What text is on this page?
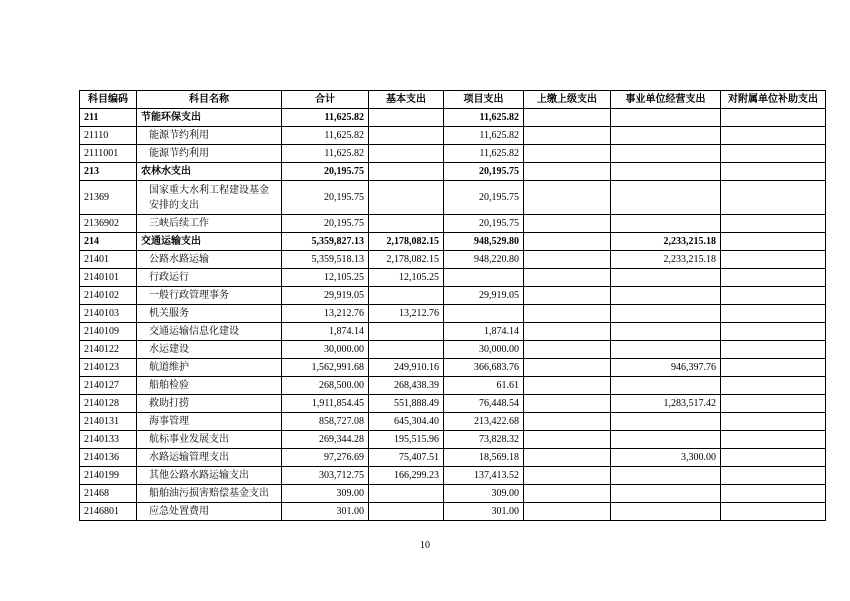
科目编码	科目名称	合计	基本支出	项目支出	上缴上级支出	事业单位经营支出	对附属单位补助支出
211	节能环保支出	11,625.82		11,625.82			
21110	能源节约利用	11,625.82		11,625.82			
2111001	能源节约利用	11,625.82		11,625.82			
213	农林水支出	20,195.75		20,195.75			
21369	国家重大水利工程建设基金安排的支出	20,195.75		20,195.75			
2136902	三峡后续工作	20,195.75		20,195.75			
214	交通运输支出	5,359,827.13	2,178,082.15	948,529.80		2,233,215.18	
21401	公路水路运输	5,359,518.13	2,178,082.15	948,220.80		2,233,215.18	
2140101	行政运行	12,105.25	12,105.25				
2140102	一般行政管理事务	29,919.05		29,919.05			
2140103	机关服务	13,212.76	13,212.76				
2140109	交通运输信息化建设	1,874.14		1,874.14			
2140122	水运建设	30,000.00		30,000.00			
2140123	航道维护	1,562,991.68	249,910.16	366,683.76		946,397.76	
2140127	船舶检验	268,500.00	268,438.39	61.61			
2140128	救助打捞	1,911,854.45	551,888.49	76,448.54		1,283,517.42	
2140131	海事管理	858,727.08	645,304.40	213,422.68			
2140133	航标事业发展支出	269,344.28	195,515.96	73,828.32			
2140136	水路运输管理支出	97,276.69	75,407.51	18,569.18		3,300.00	
2140199	其他公路水路运输支出	303,712.75	166,299.23	137,413.52			
21468	船舶油污损害赔偿基金支出	309.00		309.00			
2146801	应急处置费用	301.00		301.00			
10
